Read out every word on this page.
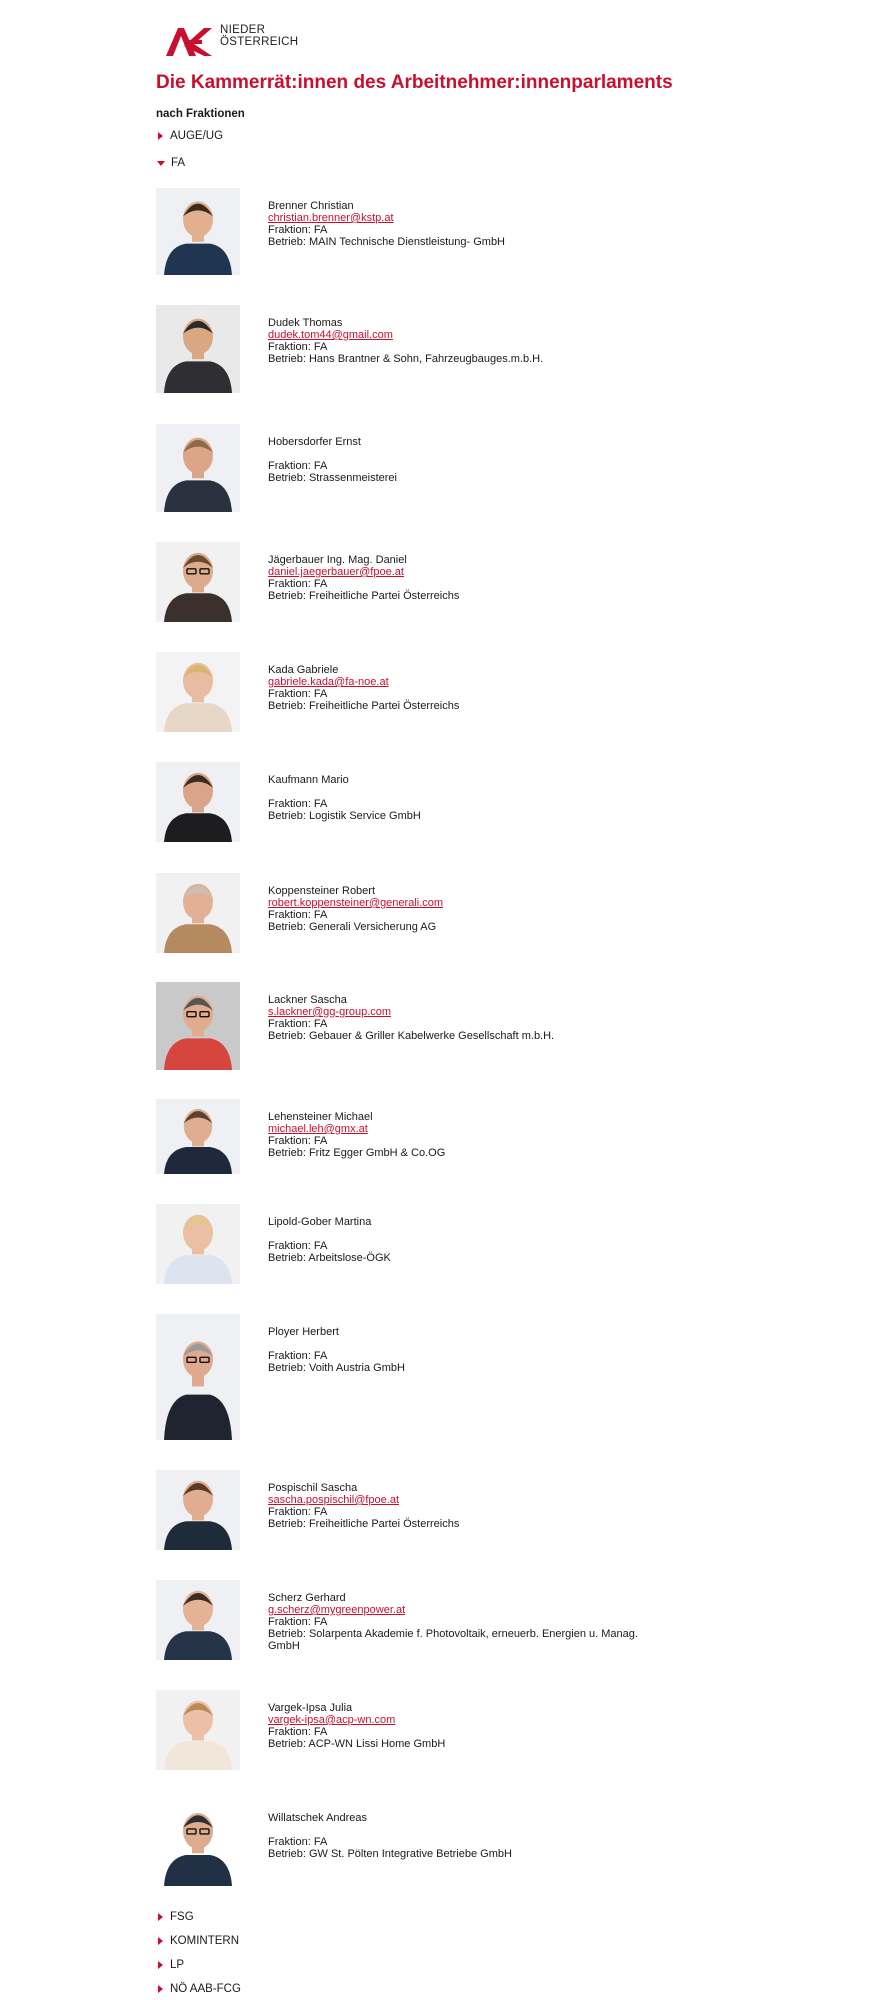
NIEDER
ÖSTERREICH
Die Kammerrät:innen des Arbeitnehmer:innenparlaments
nach Fraktionen
AUGE/UG
FA
Brenner Christian
christian.brenner@kstp.at
Fraktion: FA
Betrieb: MAIN Technische Dienstleistung- GmbH
Dudek Thomas
dudek.tom44@gmail.com
Fraktion: FA
Betrieb: Hans Brantner & Sohn, Fahrzeugbauges.m.b.H.
Hobersdorfer Ernst
Fraktion: FA
Betrieb: Strassenmeisterei
Jägerbauer Ing. Mag. Daniel
daniel.jaegerbauer@fpoe.at
Fraktion: FA
Betrieb: Freiheitliche Partei Österreichs
Kada Gabriele
gabriele.kada@fa-noe.at
Fraktion: FA
Betrieb: Freiheitliche Partei Österreichs
Kaufmann Mario
Fraktion: FA
Betrieb: Logistik Service GmbH
Koppensteiner Robert
robert.koppensteiner@generali.com
Fraktion: FA
Betrieb: Generali Versicherung AG
Lackner Sascha
s.lackner@gg-group.com
Fraktion: FA
Betrieb: Gebauer & Griller Kabelwerke Gesellschaft m.b.H.
Lehensteiner Michael
michael.leh@gmx.at
Fraktion: FA
Betrieb: Fritz Egger GmbH & Co.OG
Lipold-Gober Martina
Fraktion: FA
Betrieb: Arbeitslose-ÖGK
Ployer Herbert
Fraktion: FA
Betrieb: Voith Austria GmbH
Pospischil Sascha
sascha.pospischil@fpoe.at
Fraktion: FA
Betrieb: Freiheitliche Partei Österreichs
Scherz Gerhard
g.scherz@mygreenpower.at
Fraktion: FA
Betrieb: Solarpenta Akademie f. Photovoltaik, erneuerb. Energien u. Manag. GmbH
Vargek-Ipsa Julia
vargek-ipsa@acp-wn.com
Fraktion: FA
Betrieb: ACP-WN Lissi Home GmbH
Willatschek Andreas
Fraktion: FA
Betrieb: GW St. Pölten Integrative Betriebe GmbH
FSG
KOMINTERN
LP
NÖ AAB-FCG
